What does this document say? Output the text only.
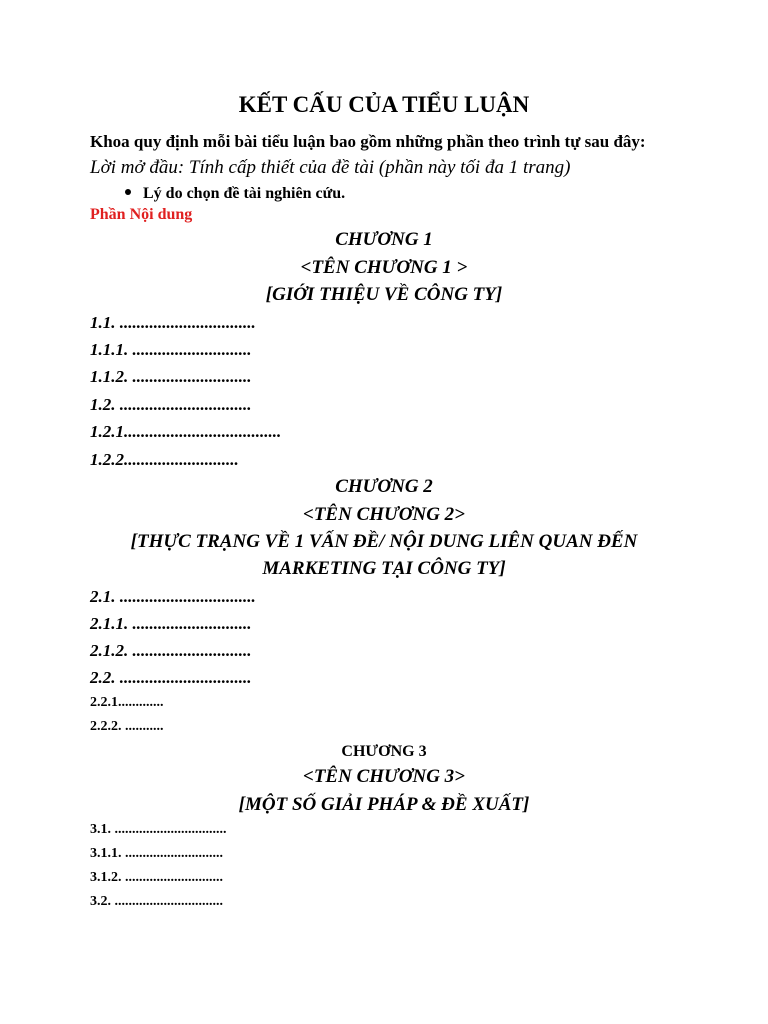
KẾT CẤU CỦA TIỂU LUẬN
Khoa quy định mỗi bài tiểu luận bao gồm những phần theo trình tự sau đây:
Lời mở đầu: Tính cấp thiết của đề tài (phần này tối đa 1 trang)
Lý do chọn đề tài nghiên cứu.
Phần Nội dung
CHƯƠNG 1
<TÊN CHƯƠNG 1 >
[GIỚI THIỆU VỀ CÔNG TY]
1.1. ................................
1.1.1. ............................
1.1.2. ............................
1.2. ...............................
1.2.1.....................................
1.2.2...........................
CHƯƠNG 2
<TÊN CHƯƠNG 2>
[THỰC TRẠNG VỀ 1 VẤN ĐỀ/ NỘI DUNG LIÊN QUAN ĐẾN
MARKETING TẠI CÔNG TY]
2.1. ................................
2.1.1. ............................
2.1.2. ............................
2.2. ...............................
2.2.1.............
2.2.2. ...........
CHƯƠNG 3
<TÊN CHƯƠNG 3>
[MỘT SỐ GIẢI PHÁP & ĐỀ XUẤT]
3.1. ................................
3.1.1. ............................
3.1.2. ............................
3.2. ...............................
